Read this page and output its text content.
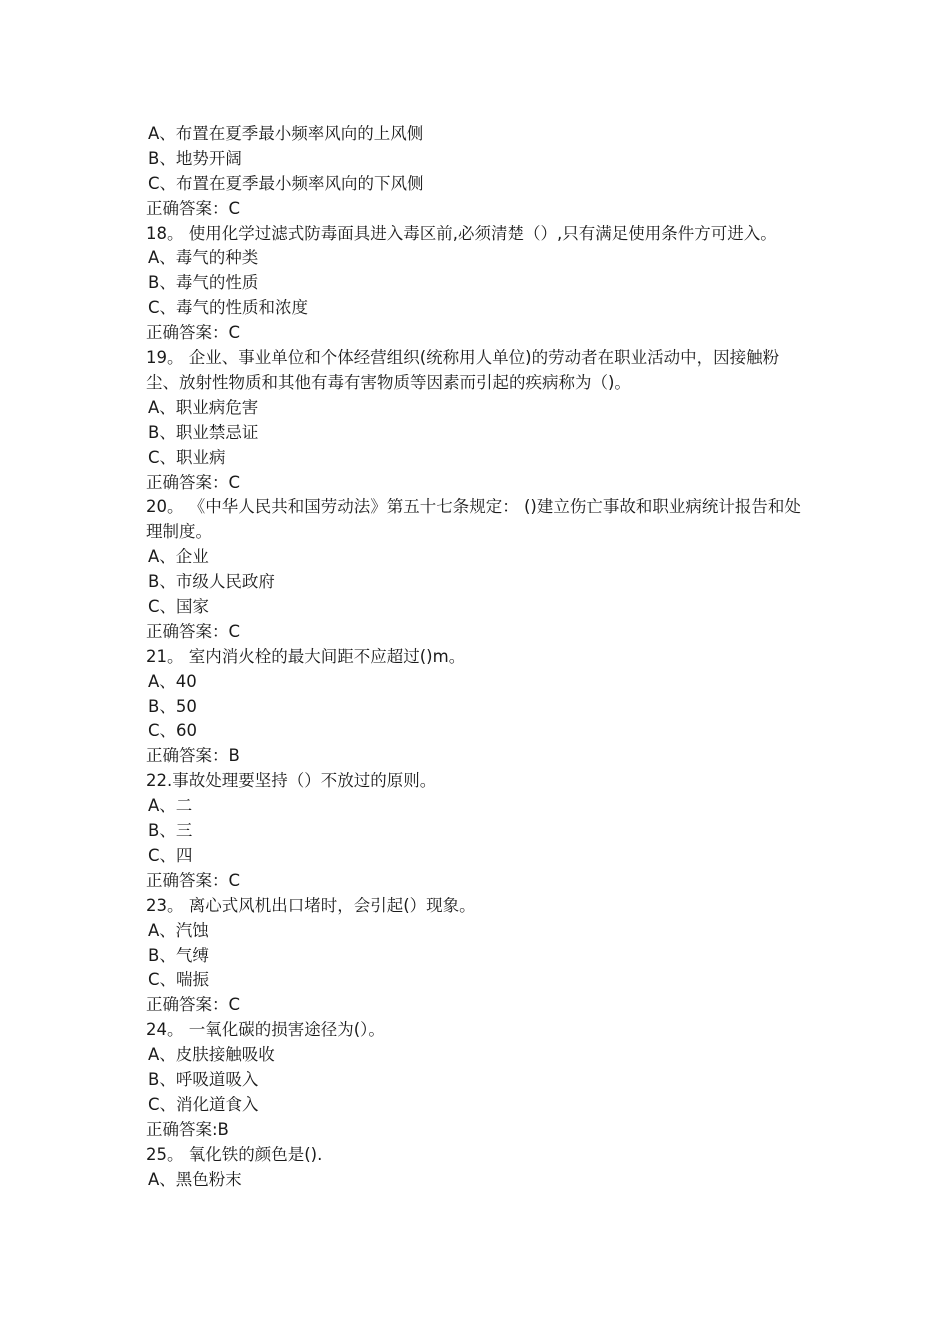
A、布置在夏季最小频率风向的上风侧
B、地势开阔
C、布置在夏季最小频率风向的下风侧
正确答案：C
18。 使用化学过滤式防毒面具进入毒区前,必须清楚（）,只有满足使用条件方可进入。
A、毒气的种类
B、毒气的性质
C、毒气的性质和浓度
正确答案：C
19。 企业、事业单位和个体经营组织(统称用人单位)的劳动者在职业活动中，因接触粉尘、放射性物质和其他有毒有害物质等因素而引起的疾病称为（)。
A、职业病危害
B、职业禁忌证
C、职业病
正确答案：C
20。 《中华人民共和国劳动法》第五十七条规定： ()建立伤亡事故和职业病统计报告和处理制度。
A、企业
B、市级人民政府
C、国家
正确答案：C
21。 室内消火栓的最大间距不应超过()m。
A、40
B、50
C、60
正确答案：B
22.事故处理要坚持（）不放过的原则。
A、二
B、三
C、四
正确答案：C
23。 离心式风机出口堵时，会引起(）现象。
A、汽蚀
B、气缚
C、喘振
正确答案：C
24。 一氧化碳的损害途径为(）。
A、皮肤接触吸收
B、呼吸道吸入
C、消化道食入
正确答案:B
25。 氧化铁的颜色是().
A、黑色粉末
